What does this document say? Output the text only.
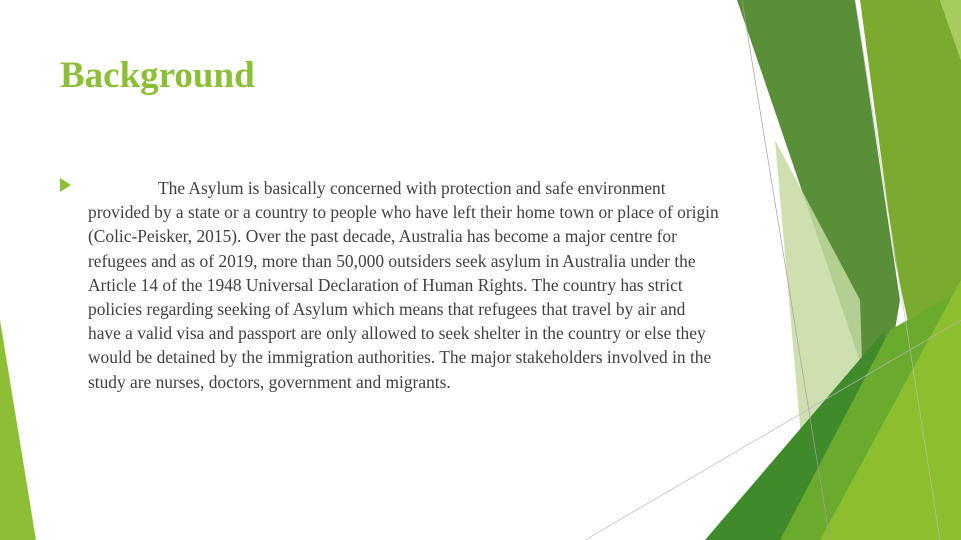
Background

The Asylum is basically concerned with protection and safe environment provided by a state or a country to people who have left their home town or place of origin (Colic-Peisker, 2015). Over the past decade, Australia has become a major centre for refugees and as of 2019, more than 50,000 outsiders seek asylum in Australia under the Article 14 of the 1948 Universal Declaration of Human Rights. The country has strict policies regarding seeking of Asylum which means that refugees that travel by air and have a valid visa and passport are only allowed to seek shelter in the country or else they would be detained by the immigration authorities. The major stakeholders involved in the study are nurses, doctors, government and migrants.
